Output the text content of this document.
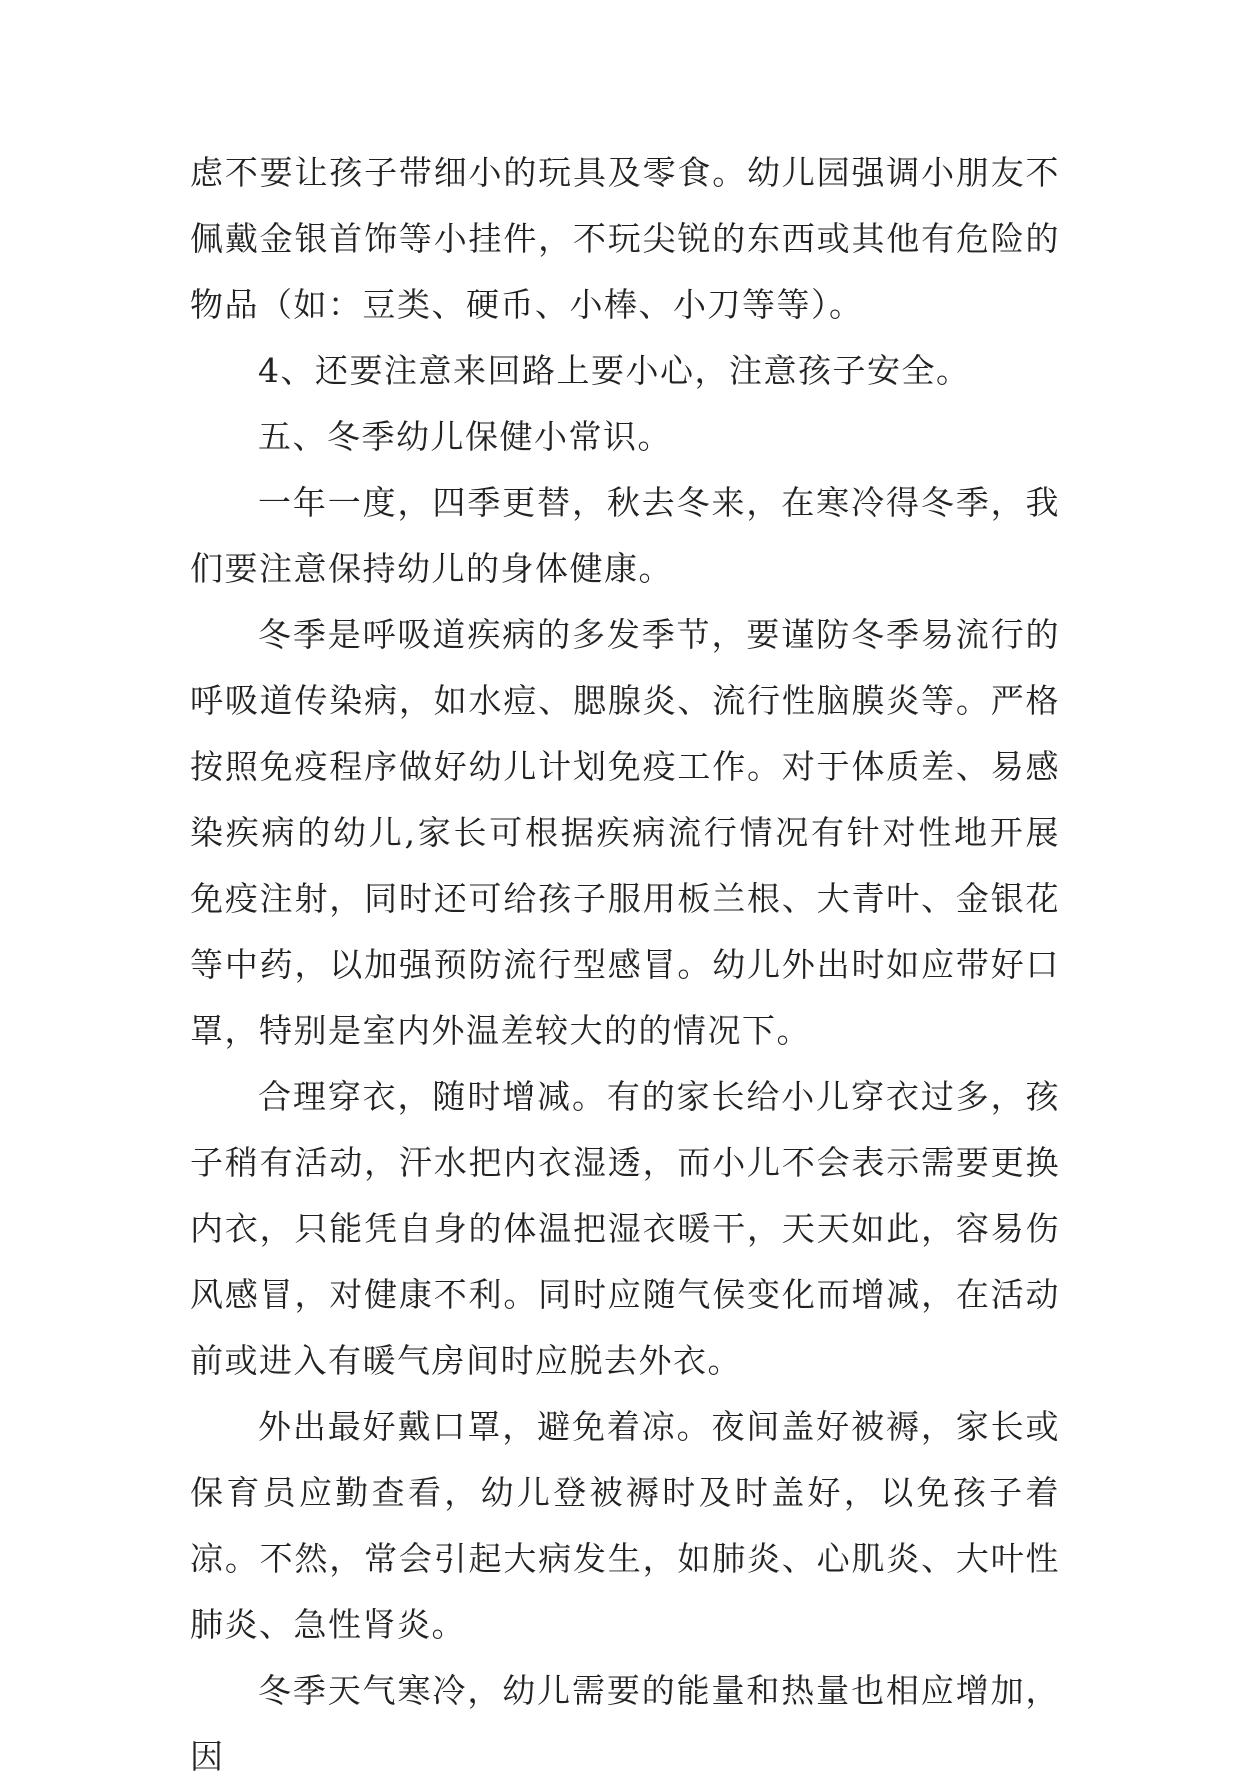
虑不要让孩子带细小的玩具及零食。幼儿园强调小朋友不佩戴金银首饰等小挂件，不玩尖锐的东西或其他有危险的物品（如：豆类、硬币、小棒、小刀等等）。

4、还要注意来回路上要小心，注意孩子安全。

五、冬季幼儿保健小常识。

一年一度，四季更替，秋去冬来，在寒冷得冬季，我们要注意保持幼儿的身体健康。

冬季是呼吸道疾病的多发季节，要谨防冬季易流行的呼吸道传染病，如水痘、腮腺炎、流行性脑膜炎等。严格按照免疫程序做好幼儿计划免疫工作。对于体质差、易感染疾病的幼儿,家长可根据疾病流行情况有针对性地开展免疫注射，同时还可给孩子服用板兰根、大青叶、金银花等中药，以加强预防流行型感冒。幼儿外出时如应带好口罩，特别是室内外温差较大的的情况下。

合理穿衣，随时增减。有的家长给小儿穿衣过多，孩子稍有活动，汗水把内衣湿透，而小儿不会表示需要更换内衣，只能凭自身的体温把湿衣暖干，天天如此，容易伤风感冒，对健康不利。同时应随气侯变化而增减，在活动前或进入有暖气房间时应脱去外衣。

外出最好戴口罩，避免着凉。夜间盖好被褥，家长或保育员应勤查看，幼儿登被褥时及时盖好，以免孩子着凉。不然，常会引起大病发生，如肺炎、心肌炎、大叶性肺炎、急性肾炎。

冬季天气寒冷，幼儿需要的能量和热量也相应增加，因
